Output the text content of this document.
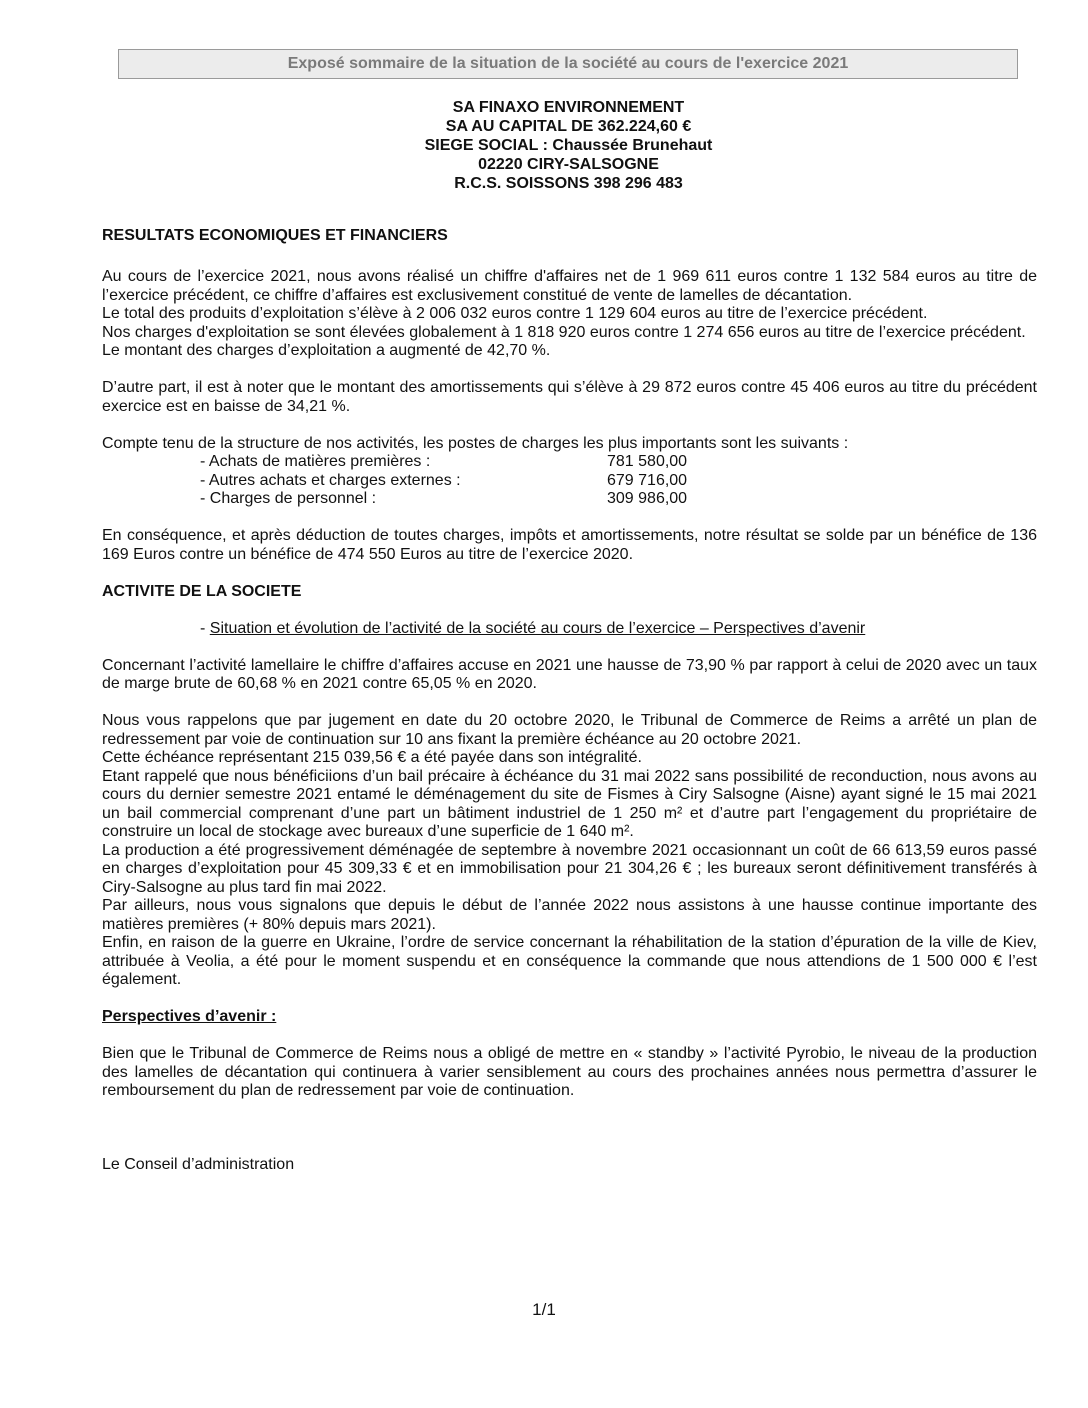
Exposé sommaire de la situation de la société au cours de l'exercice 2021
SA FINAXO ENVIRONNEMENT
SA AU CAPITAL DE 362.224,60 €
SIEGE SOCIAL : Chaussée Brunehaut
02220 CIRY-SALSOGNE
R.C.S. SOISSONS 398 296 483
RESULTATS ECONOMIQUES ET FINANCIERS

Au cours de l’exercice 2021, nous avons réalisé un chiffre d'affaires net de 1 969 611 euros contre 1 132 584 euros au titre de l’exercice précédent, ce chiffre d’affaires est exclusivement constitué de vente de lamelles de décantation.

Le total des produits d’exploitation s’élève à 2 006 032 euros contre 1 129 604 euros au titre de l’exercice précédent.

Nos charges d'exploitation se sont élevées globalement à 1 818 920 euros contre 1 274 656 euros au titre de l’exercice précédent.

Le montant des charges d’exploitation a augmenté de 42,70 %.

D’autre part, il est à noter que le montant des amortissements qui s’élève à 29 872 euros contre 45 406 euros au titre du précédent exercice est en baisse de 34,21 %.

Compte tenu de la structure de nos activités, les postes de charges les plus importants sont les suivants :

- Achats de matières premières :	781 580,00
- Autres achats et charges externes :	679 716,00
- Charges de personnel :	309 986,00

En conséquence, et après déduction de toutes charges, impôts et amortissements, notre résultat se solde par un bénéfice de 136 169 Euros contre un bénéfice de 474 550 Euros au titre de l’exercice 2020.

ACTIVITE DE LA SOCIETE
- Situation et évolution de l’activité de la société au cours de l’exercice – Perspectives d’avenir

Concernant l’activité lamellaire le chiffre d’affaires accuse en 2021 une hausse de 73,90 % par rapport à celui de 2020 avec un taux de marge brute de 60,68 % en 2021 contre 65,05 % en 2020.

Nous vous rappelons que par jugement en date du 20 octobre 2020, le Tribunal de Commerce de Reims a arrêté un plan de redressement par voie de continuation sur 10 ans fixant la première échéance au 20 octobre 2021.

Cette échéance représentant 215 039,56 € a été payée dans son intégralité.

Etant rappelé que nous bénéficiions d’un bail précaire à échéance du 31 mai 2022 sans possibilité de reconduction, nous avons au cours du dernier semestre 2021 entamé le déménagement du site de Fismes à Ciry Salsogne (Aisne) ayant signé le 15 mai 2021 un bail commercial comprenant d’une part un bâtiment industriel de 1 250 m² et d’autre part l’engagement du propriétaire de construire un local de stockage avec bureaux d’une superficie de 1 640 m².

La production a été progressivement déménagée de septembre à novembre 2021 occasionnant un coût de 66 613,59 euros passé en charges d’exploitation pour 45 309,33 € et en immobilisation pour 21 304,26 € ; les bureaux seront définitivement transférés à Ciry-Salsogne au plus tard fin mai 2022.

Par ailleurs, nous vous signalons que depuis le début de l’année 2022 nous assistons à une hausse continue importante des matières premières (+ 80% depuis mars 2021).

Enfin, en raison de la guerre en Ukraine, l’ordre de service concernant la réhabilitation de la station d’épuration de la ville de Kiev, attribuée à Veolia, a été pour le moment suspendu et en conséquence la commande que nous attendions de 1 500 000 € l’est également.

Perspectives d’avenir :

Bien que le Tribunal de Commerce de Reims nous a obligé de mettre en « standby » l’activité Pyrobio, le niveau de la production des lamelles de décantation qui continuera à varier sensiblement au cours des prochaines années nous permettra d’assurer le remboursement du plan de redressement par voie de continuation.

Le Conseil d’administration

1/1
